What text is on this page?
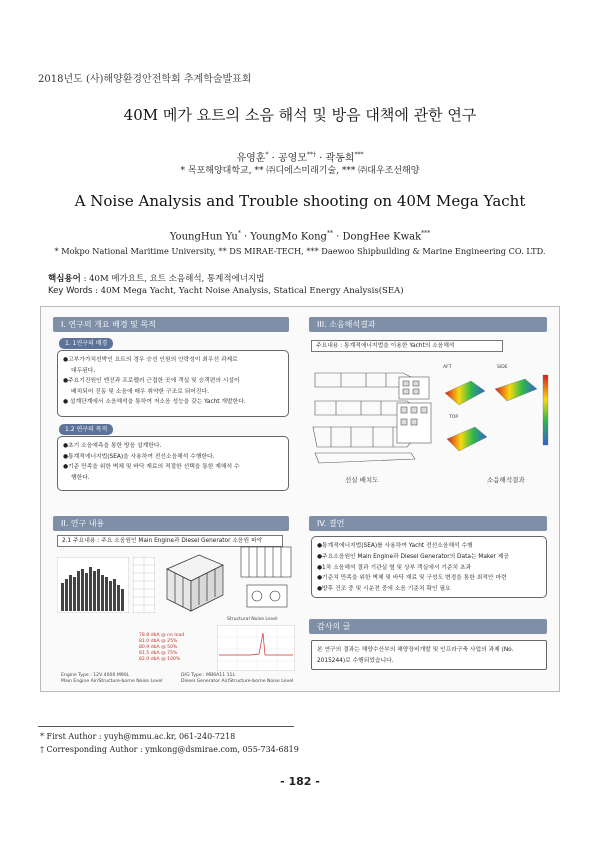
2018년도 (사)해양환경안전학회 추계학술발표회
40M 메가 요트의 소음 해석 및 방음 대책에 관한 연구
유영훈* · 공영모**† · 곽동희***
* 목포해양대학교, ** ㈜디에스미래기술, *** ㈜대우조선해양
A Noise Analysis and Trouble shooting on 40M Mega Yacht
YoungHun Yu* · YoungMo Kong** · DongHee Kwak***
* Mokpo National Maritime University, ** DS MIRAE-TECH, *** Daewoo Shipbuilding & Marine Engineering CO. LTD.
핵심용어 : 40M 메가요트, 요트 소음해석, 통계적에너지법
Key Words : 40M Mega Yacht, Yacht Noise Analysis, Statical Energy Analysis(SEA)
I. 연구의 개요 배경 및 목적
1. 1연구의 배경

●고부가가치선박인 요트의 경우 승선 인원의 안락성이 최우선 과제로

대두된다.

●주요기진원인 엔진과 프로펠러 근접한 곳에 객실 및 승객편의 시설이

배치되어 진동 및 소음에 매우 취약한 구조로 되어진다.

● 설계단계에서 소음해석을 통하여 저소음 성능을 갖는 Yacht 개발한다.

1.2 연구의 목적

●초기 소음예측을 통한 방음 설계한다.

●통계적에너지법(SEA)을 사용하여 전선소음해석 수행한다.

●기준 만족을 위한 벽체 및 바닥 재료의 적절한 선택을 통한 재해석 수

행한다.

III. 소음해석결과
주요내용 : 통계적에너지법을 이용한 Yacht의 소음해석
AFT	SIDE
TOP
선실 배치도	소음해석결과
II. 연구 내용
2.1 주요내용 : 주요 소음원인 Main Engine과 Diesel Generator 소음원 파악
78.8 dbA @ no load
81.0 dbA @ 25%
80.9 dbA @ 50%
81.5 dbA @ 75%
82.0 dbA @ 100%
Structural Noise Level
Engine Type : 12V 4000 M90L
Main Engine Air/Structure-borne Noise Level
D/G Type : MB6A11 11L
Diesel Generator Air/Structure-borne Noise Level
IV. 결언

●통계적에너지법(SEA)를 사용하여 Yacht 전선소음해석 수행

●주요소음원인 Main Engine과 Diesel Generator의 Data는 Maker 제공

●1차 소음해석 결과 기관실 옆 및 상부 객실에서 기준치 초과

●기준치 만족을 위한 벽체 및 바닥 재료 및 구성도 변경을 통한 최적안 마련

●방후 건조 중 및 시운전 중에 소음 기준치 확인 필요

감사의 글

본 연구의 결과는 해양수산부의 해양장비개발 및 인프라구축 사업의 과제 (No.

2015244)로 수행되었습니다.

* First Author : yuyh@mmu.ac.kr, 061-240-7218
† Corresponding Author : ymkong@dsmirae.com, 055-734-6819
- 182 -
